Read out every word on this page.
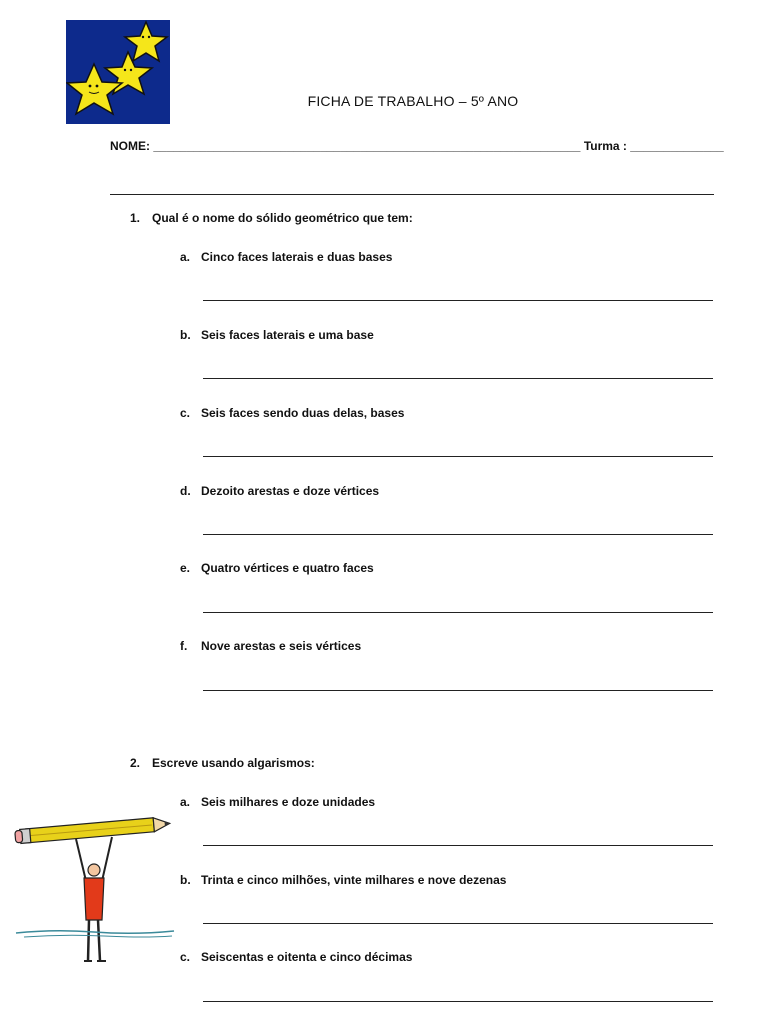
FICHA DE TRABALHO – 5º ANO
NOME: ________________________________________________________________ Turma : ______________
1. Qual é o nome do sólido geométrico que tem:
a. Cinco faces laterais e duas bases
b. Seis faces laterais e uma base
c. Seis faces sendo duas delas, bases
d. Dezoito arestas e doze vértices
e. Quatro vértices e quatro faces
f. Nove arestas e seis vértices
2. Escreve usando algarismos:
a. Seis milhares e doze unidades
b. Trinta e cinco milhões, vinte milhares e nove dezenas
c. Seiscentas e oitenta e cinco décimas
